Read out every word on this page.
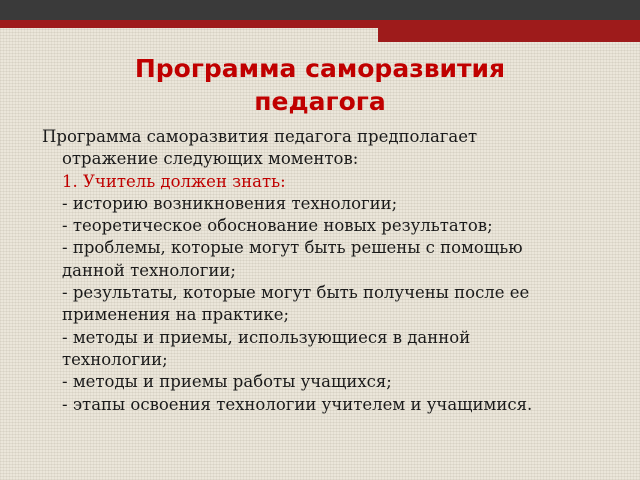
Программа саморазвития
педагога
Программа саморазвития педагога предполагает
отражение следующих моментов:
1. Учитель должен знать:
- историю возникновения технологии;
- теоретическое обоснование новых результатов;
- проблемы, которые могут быть решены с помощью
данной технологии;
- результаты, которые могут быть получены после ее
применения на практике;
- методы и приемы, использующиеся в данной
технологии;
- методы и приемы работы учащихся;
- этапы освоения технологии учителем и учащимися.
